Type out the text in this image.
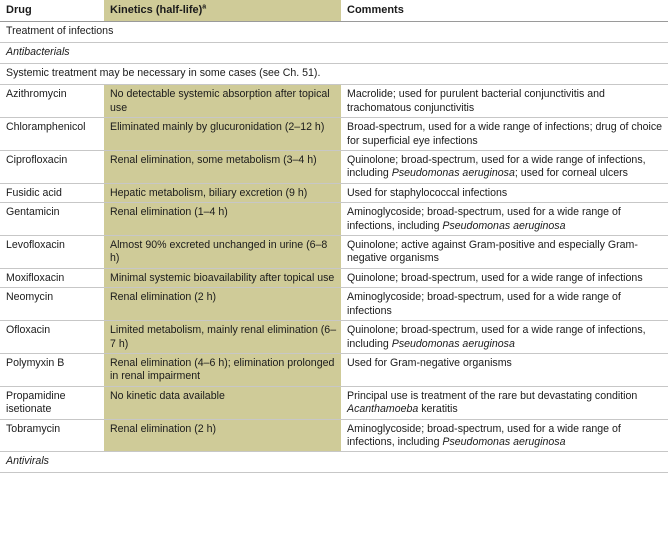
Drug	Kinetics (half-life)$^a$	Comments
Treatment of infections		
Antibacterials		
Systemic treatment may be necessary in some cases (see Ch. 51).		
Azithromycin	No detectable systemic absorption after topical use	Macrolide; used for purulent bacterial conjunctivitis and trachomatous conjunctivitis
Chloramphenicol	Eliminated mainly by glucuronidation (2–12 h)	Broad-spectrum, used for a wide range of infections; drug of choice for superficial eye infections
Ciprofloxacin	Renal elimination, some metabolism (3–4 h)	Quinolone; broad-spectrum, used for a wide range of infections, including Pseudomonas aeruginosa; used for corneal ulcers
Fusidic acid	Hepatic metabolism, biliary excretion (9 h)	Used for staphylococcal infections
Gentamicin	Renal elimination (1–4 h)	Aminoglycoside; broad-spectrum, used for a wide range of infections, including Pseudomonas aeruginosa
Levofloxacin	Almost 90% excreted unchanged in urine (6–8 h)	Quinolone; active against Gram-positive and especially Gram-negative organisms
Moxifloxacin	Minimal systemic bioavailability after topical use	Quinolone; broad-spectrum, used for a wide range of infections
Neomycin	Renal elimination (2 h)	Aminoglycoside; broad-spectrum, used for a wide range of infections
Ofloxacin	Limited metabolism, mainly renal elimination (6–7 h)	Quinolone; broad-spectrum, used for a wide range of infections, including Pseudomonas aeruginosa
Polymyxin B	Renal elimination (4–6 h); elimination prolonged in renal impairment	Used for Gram-negative organisms
Propamidine isetionate	No kinetic data available	Principal use is treatment of the rare but devastating condition Acanthamoeba keratitis
Tobramycin	Renal elimination (2 h)	Aminoglycoside; broad-spectrum, used for a wide range of infections, including Pseudomonas aeruginosa
Antivirals		
